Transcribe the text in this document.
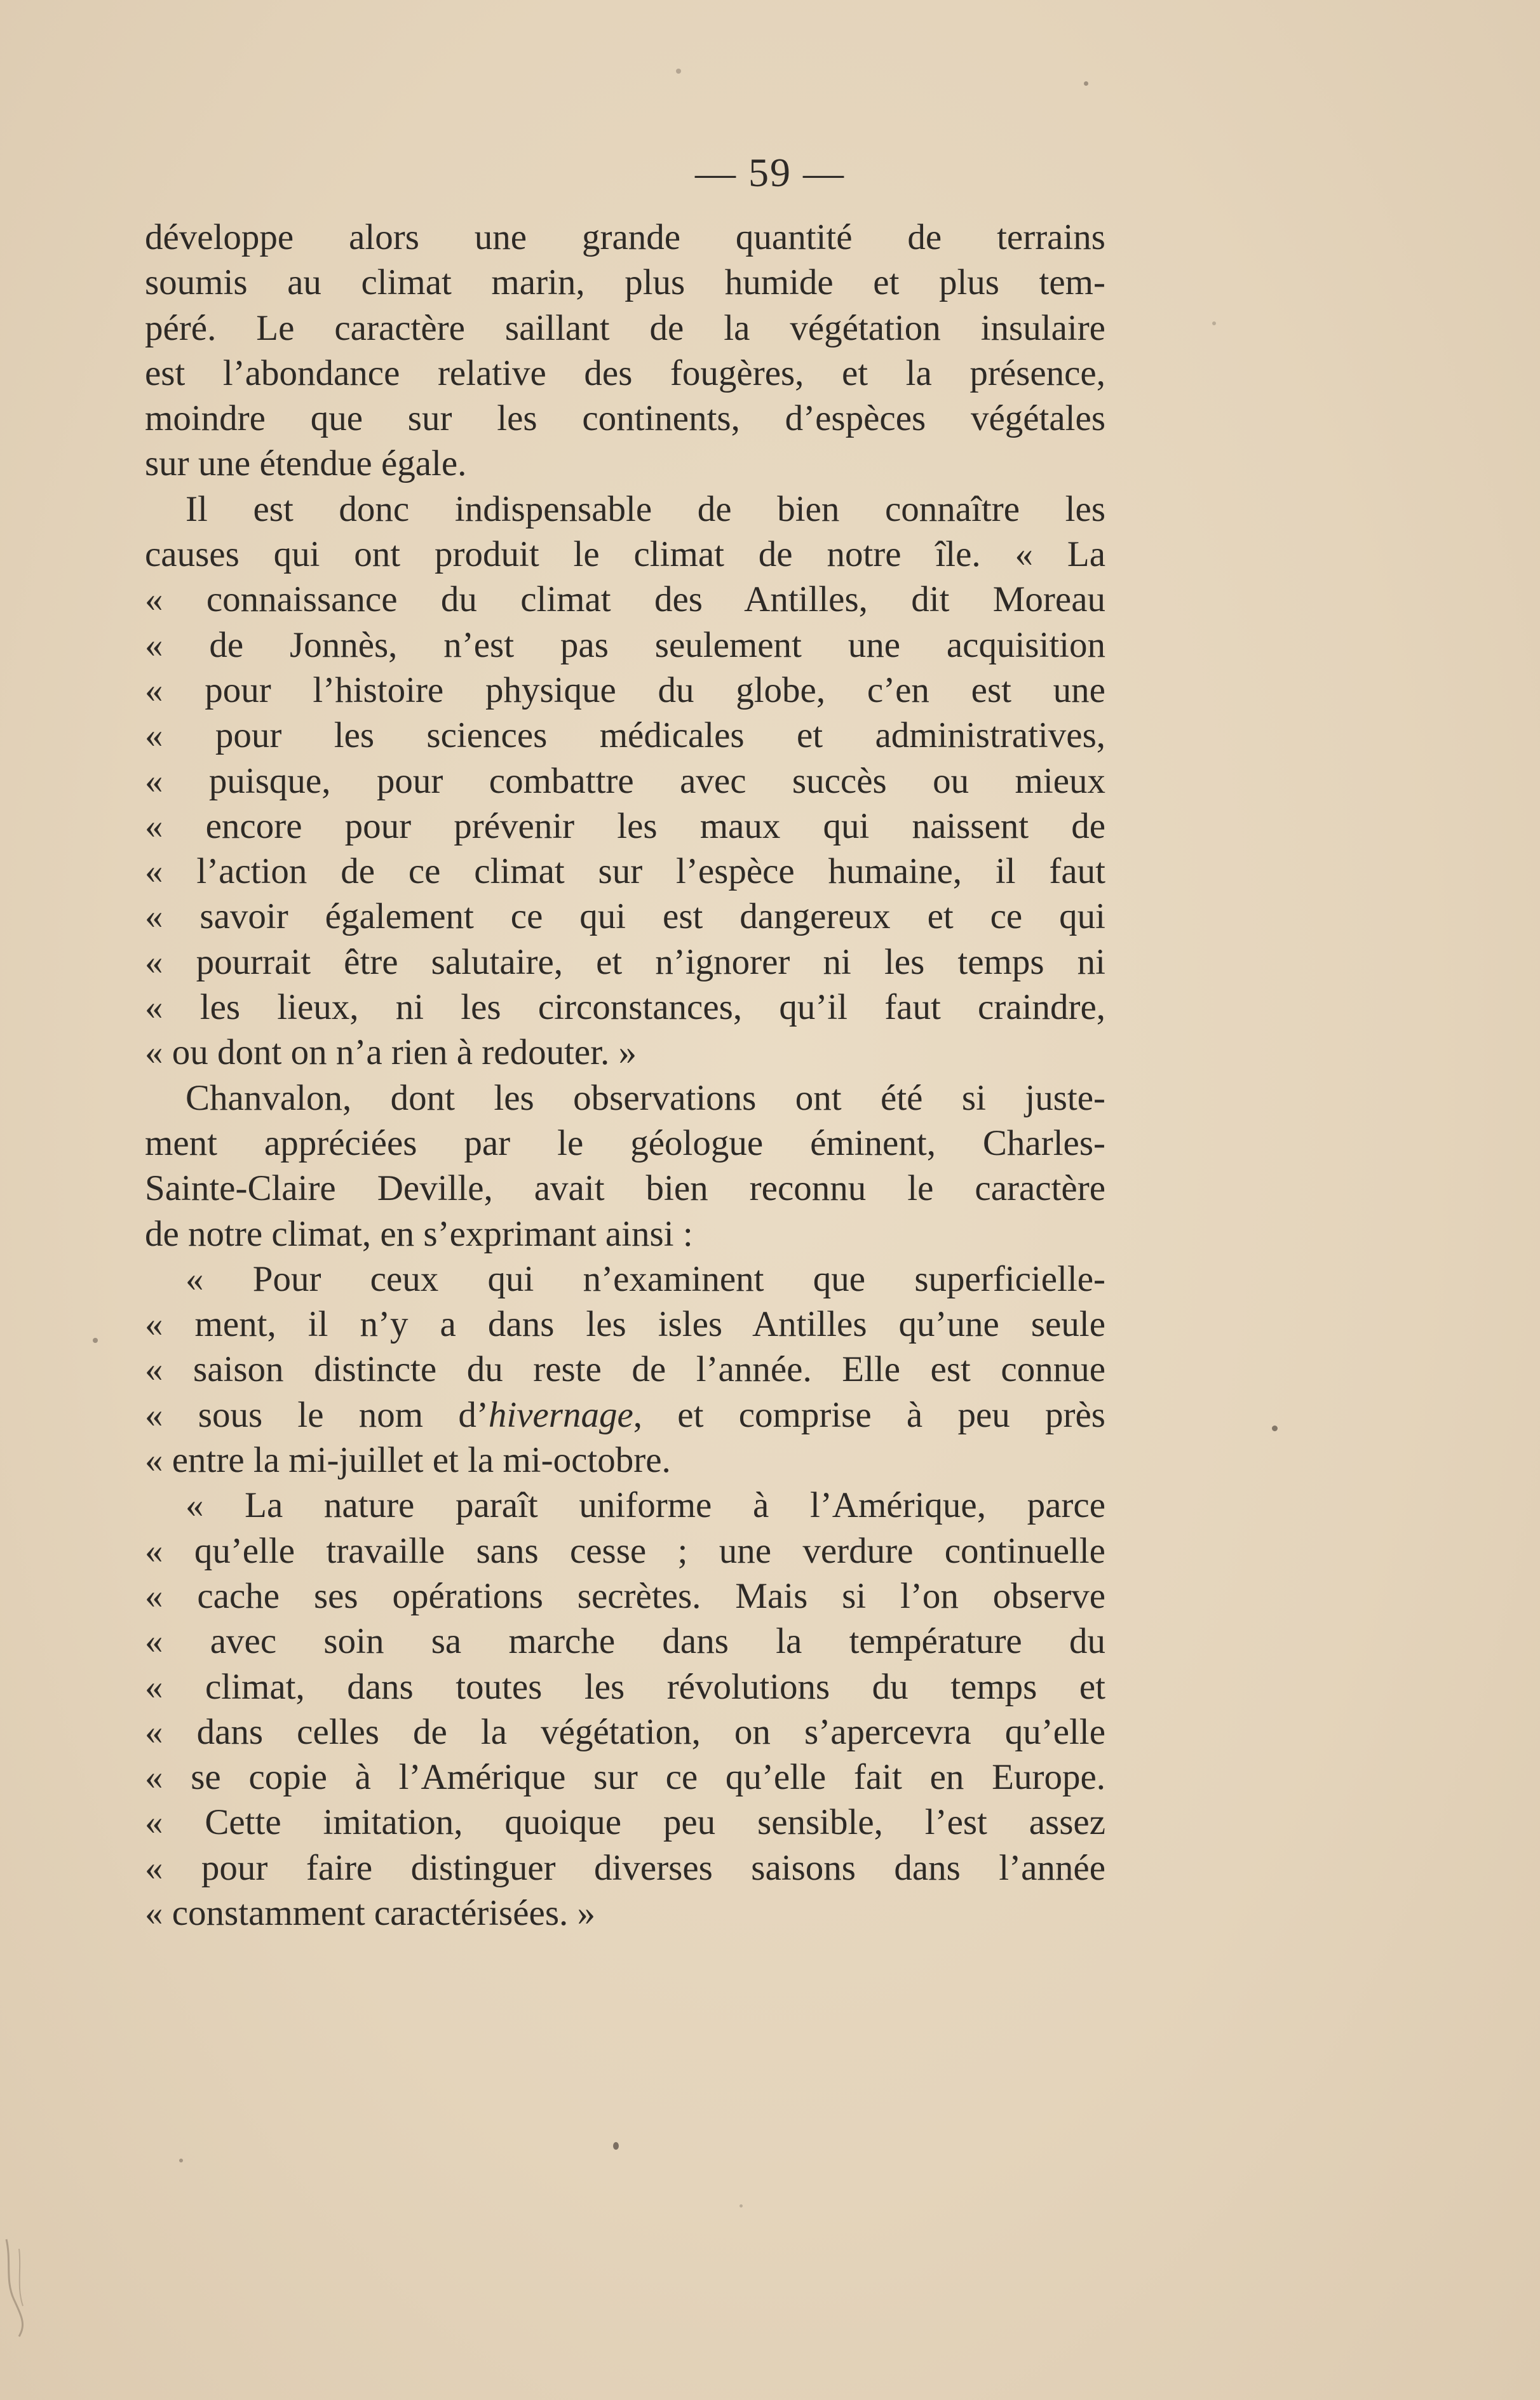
— 59 —
développe alors une grande quantité de terrains
soumis au climat marin, plus humide et plus tem-
péré. Le caractère saillant de la végétation insulaire
est l’abondance relative des fougères, et la présence,
moindre que sur les continents, d’espèces végétales
sur une étendue égale.
Il est donc indispensable de bien connaître les
causes qui ont produit le climat de notre île. « La
« connaissance du climat des Antilles, dit Moreau
« de Jonnès, n’est pas seulement une acquisition
« pour l’histoire physique du globe, c’en est une
« pour les sciences médicales et administratives,
« puisque, pour combattre avec succès ou mieux
« encore pour prévenir les maux qui naissent de
« l’action de ce climat sur l’espèce humaine, il faut
« savoir également ce qui est dangereux et ce qui
« pourrait être salutaire, et n’ignorer ni les temps ni
« les lieux, ni les circonstances, qu’il faut craindre,
« ou dont on n’a rien à redouter. »
Chanvalon, dont les observations ont été si juste-
ment appréciées par le géologue éminent, Charles-
Sainte-Claire Deville, avait bien reconnu le caractère
de notre climat, en s’exprimant ainsi :
« Pour ceux qui n’examinent que superficielle-
« ment, il n’y a dans les isles Antilles qu’une seule
« saison distincte du reste de l’année. Elle est connue
« sous le nom d’hivernage, et comprise à peu près
« entre la mi-juillet et la mi-octobre.
« La nature paraît uniforme à l’Amérique, parce
« qu’elle travaille sans cesse ; une verdure continuelle
« cache ses opérations secrètes. Mais si l’on observe
« avec soin sa marche dans la température du
« climat, dans toutes les révolutions du temps et
« dans celles de la végétation, on s’apercevra qu’elle
« se copie à l’Amérique sur ce qu’elle fait en Europe.
« Cette imitation, quoique peu sensible, l’est assez
« pour faire distinguer diverses saisons dans l’année
« constamment caractérisées. »
